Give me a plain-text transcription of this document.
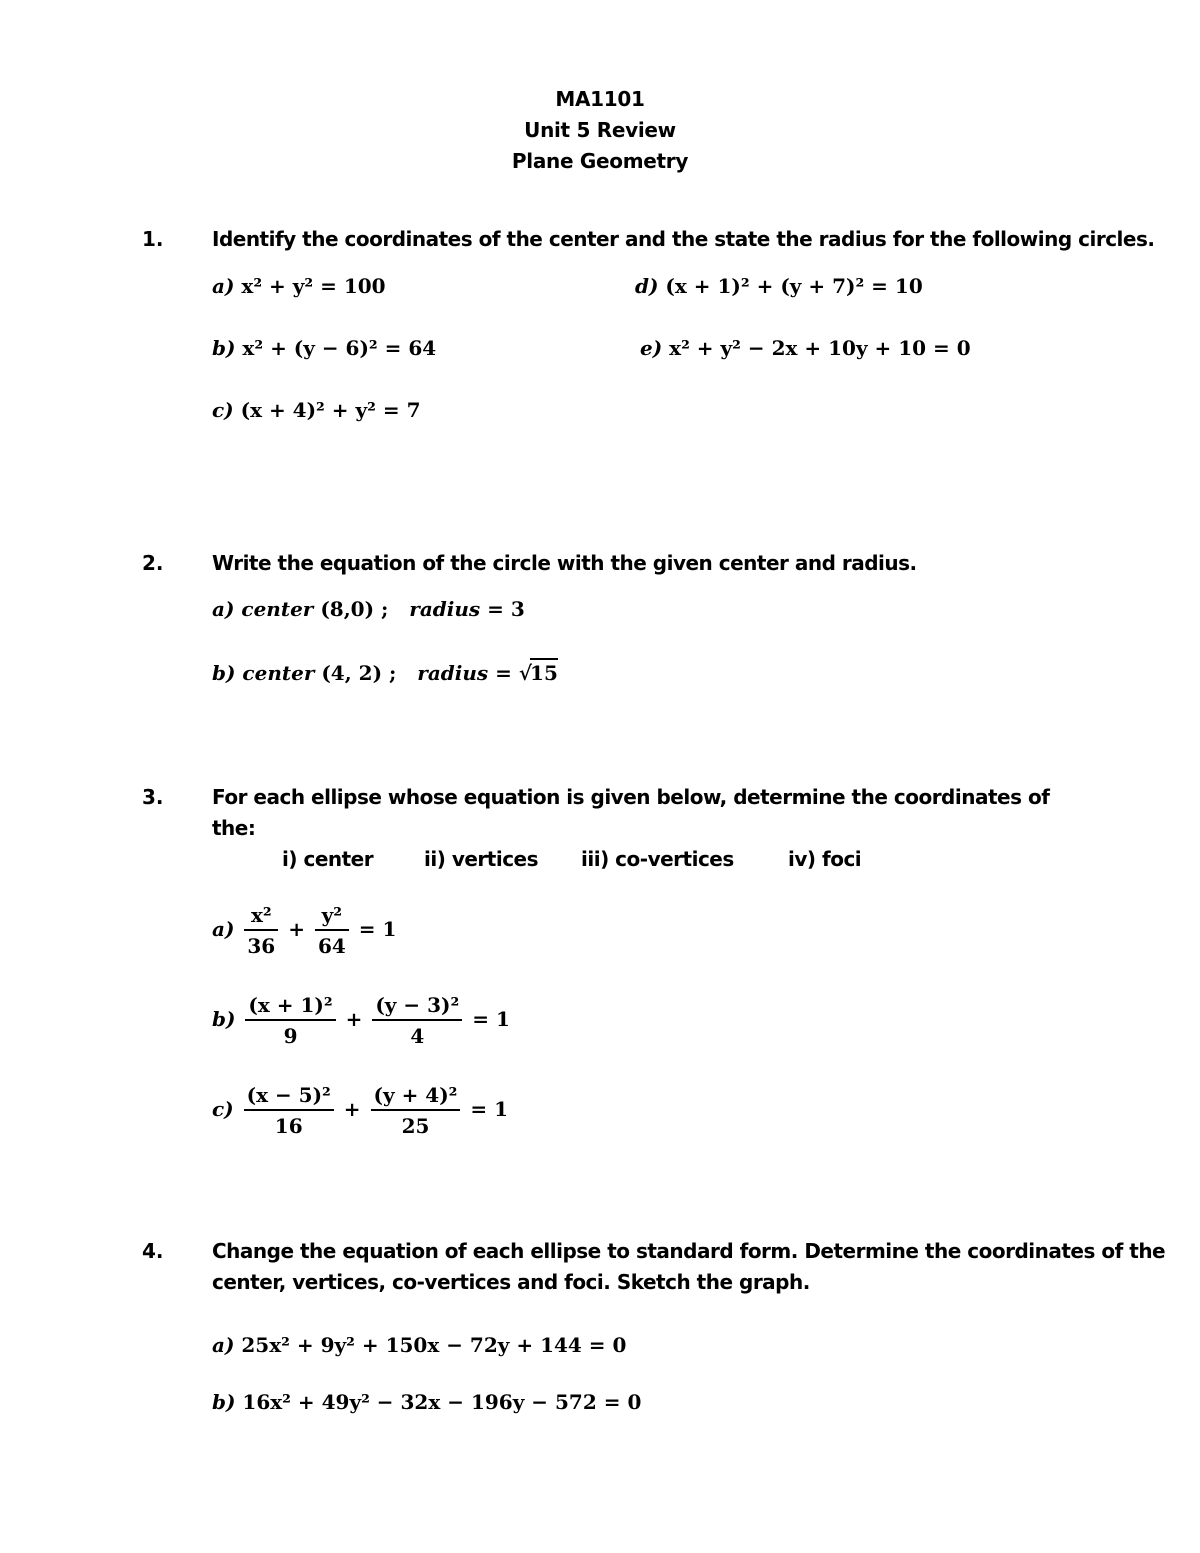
MA1101
Unit 5 Review
Plane Geometry
1. Identify the coordinates of the center and the state the radius for the following circles.
a) x² + y² = 100
b) x² + (y − 6)² = 64
c) (x + 4)² + y² = 7
d) (x + 1)² + (y + 7)² = 10
e) x² + y² − 2x + 10y + 10 = 0
2. Write the equation of the circle with the given center and radius.
a) center (8,0) ;   radius = 3
b) center (4, 2) ;   radius = √15
3. For each ellipse whose equation is given below, determine the coordinates of
the:
i) center	ii) vertices iii) co-vertices	iv) foci
$a) \frac{\text{x²}}{36} + \frac{\text{y²}}{64} = 1$
$b) \frac{\text{(x + 1)²}}{9} + \frac{\text{(y − 3)²}}{4} = 1$
$c) \frac{\text{(x − 5)²}}{16} + \frac{\text{(y + 4)²}}{25} = 1$
4. Change the equation of each ellipse to standard form. Determine the coordinates of the
center, vertices, co-vertices and foci. Sketch the graph.
a) 25x² + 9y² + 150x − 72y + 144 = 0
b) 16x² + 49y² − 32x − 196y − 572 = 0
